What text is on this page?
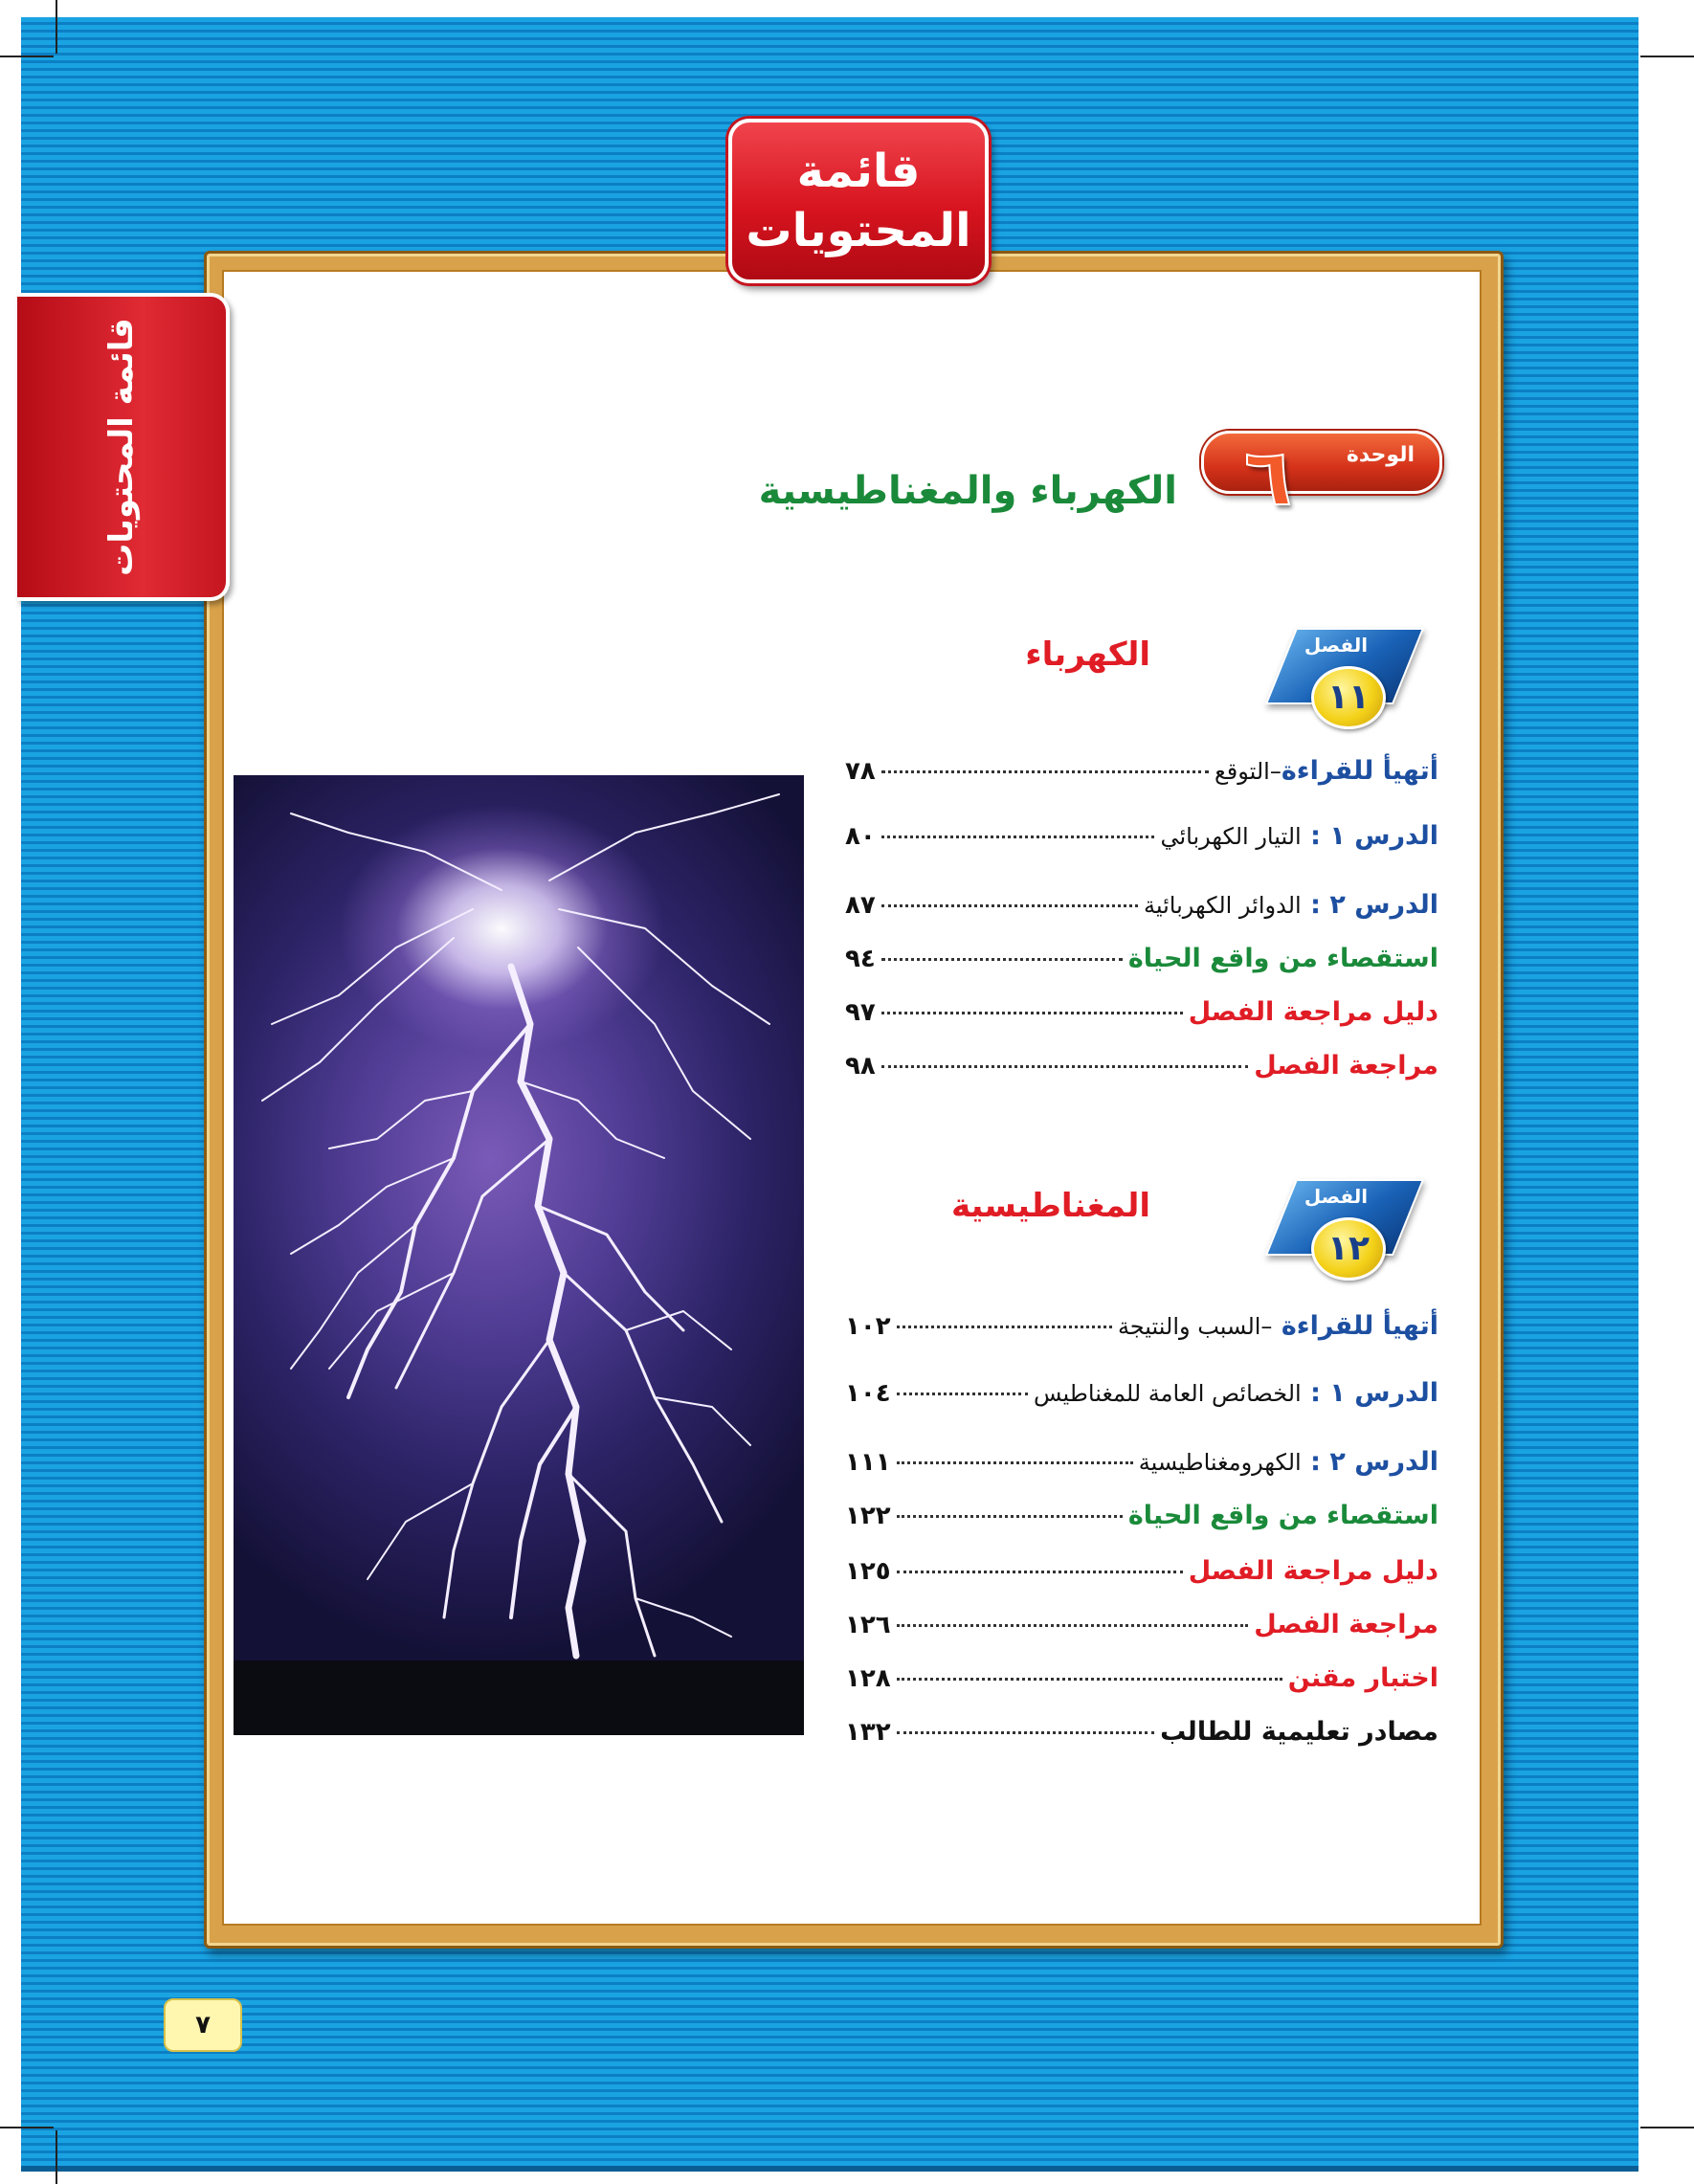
قائمة
المحتويات
قائمة المحتويات	الوحدة
٦
الكهرباء والمغناطيسية
الفصل
١١
الكهرباء
أتهيأ للقراءة–التوقع
٧٨
الدرس ١ : التيار الكهربائي
٨٠
الدرس ٢ : الدوائر الكهربائية
٨٧
استقصاء من واقع الحياة
٩٤
دليل مراجعة الفصل
٩٧
مراجعة الفصل
٩٨
الفصل
١٢
المغناطيسية
أتهيأ للقراءة –السبب والنتيجة
١٠٢
الدرس ١ : الخصائص العامة للمغناطيس
١٠٤
الدرس ٢ : الكهرومغناطيسية
١١١
استقصاء من واقع الحياة
١٢٢
دليل مراجعة الفصل
١٢٥
مراجعة الفصل
١٢٦
اختبار مقنن
١٢٨
مصادر تعليمية للطالب
١٣٢
٧
